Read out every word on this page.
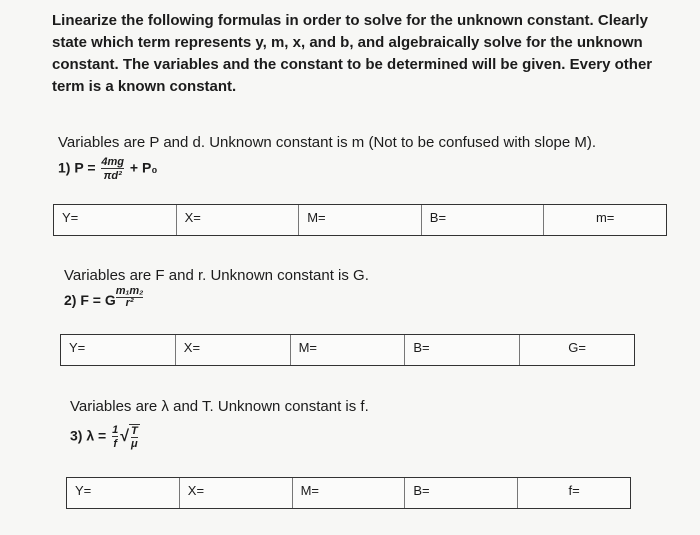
Linearize the following formulas in order to solve for the unknown constant. Clearly state which term represents y, m, x, and b, and algebraically solve for the unknown constant. The variables and the constant to be determined will be given. Every other term is a known constant.
Variables are P and d. Unknown constant is m (Not to be confused with slope M).
1) $P = \frac{4mg}{\text{πd²}} + P_0$
Y=	X=	M=	B=	m=
Variables are F and r. Unknown constant is G.
2) $F = G\frac{\text{m₁m₂}}{\text{r²}}$
Y=	X=	M=	B=	G=
Variables are λ and T. Unknown constant is f.
3) $\lambda = \frac{1}{f} √\frac{T}{\mu}$
Y=	X=	M=	B=	f=
